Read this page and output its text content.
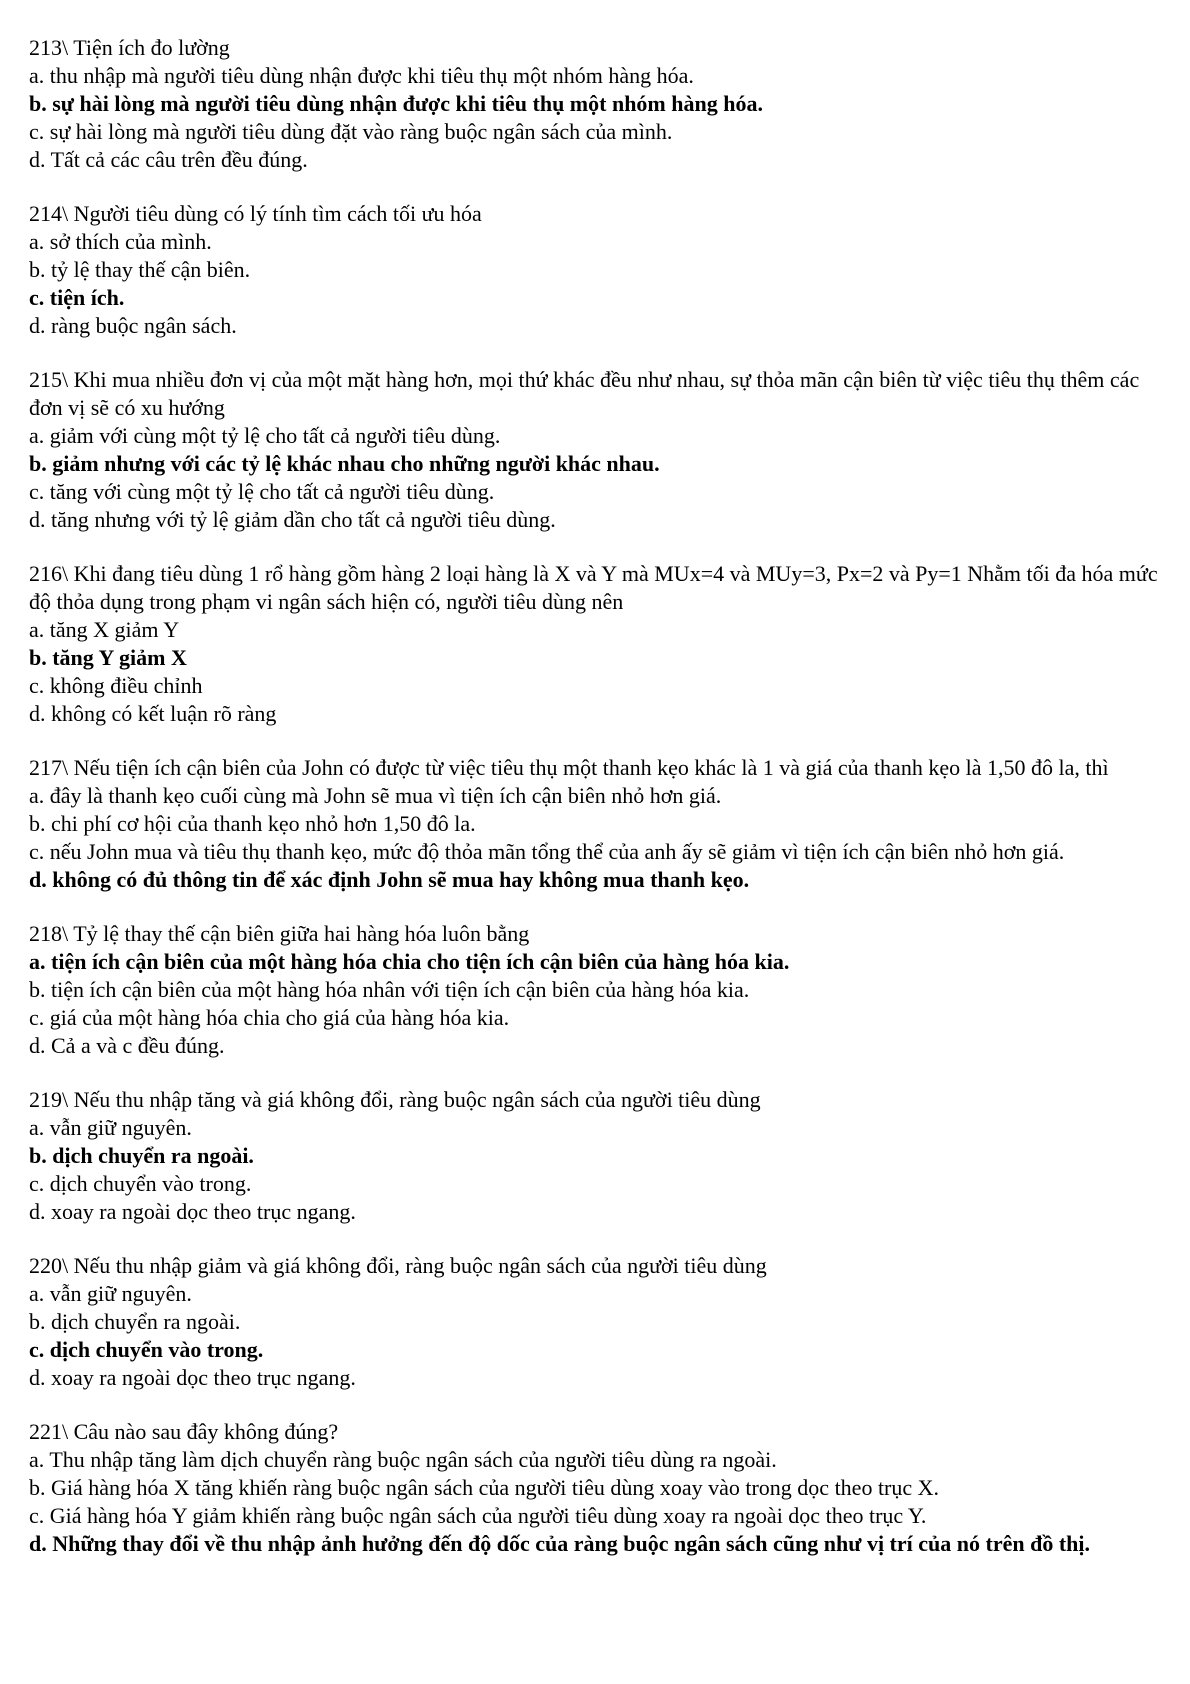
213\ Tiện ích đo lường

a. thu nhập mà người tiêu dùng nhận được khi tiêu thụ một nhóm hàng hóa.

b. sự hài lòng mà người tiêu dùng nhận được khi tiêu thụ một nhóm hàng hóa.

c. sự hài lòng mà người tiêu dùng đặt vào ràng buộc ngân sách của mình.

d. Tất cả các câu trên đều đúng.

214\ Người tiêu dùng có lý tính tìm cách tối ưu hóa

a. sở thích của mình.

b. tỷ lệ thay thế cận biên.

c. tiện ích.

d. ràng buộc ngân sách.

215\ Khi mua nhiều đơn vị của một mặt hàng hơn, mọi thứ khác đều như nhau, sự thỏa mãn cận biên từ việc tiêu thụ thêm các đơn vị sẽ có xu hướng

a. giảm với cùng một tỷ lệ cho tất cả người tiêu dùng.

b. giảm nhưng với các tỷ lệ khác nhau cho những người khác nhau.

c. tăng với cùng một tỷ lệ cho tất cả người tiêu dùng.

d. tăng nhưng với tỷ lệ giảm dần cho tất cả người tiêu dùng.

216\ Khi đang tiêu dùng 1 rổ hàng gồm hàng 2 loại hàng là X và Y mà MUx=4 và MUy=3, Px=2 và Py=1 Nhằm tối đa hóa mức độ thỏa dụng trong phạm vi ngân sách hiện có, người tiêu dùng nên

a. tăng X giảm Y

b. tăng Y giảm X

c. không điều chỉnh

d. không có kết luận rõ ràng

217\ Nếu tiện ích cận biên của John có được từ việc tiêu thụ một thanh kẹo khác là 1 và giá của thanh kẹo là 1,50 đô la, thì

a. đây là thanh kẹo cuối cùng mà John sẽ mua vì tiện ích cận biên nhỏ hơn giá.

b. chi phí cơ hội của thanh kẹo nhỏ hơn 1,50 đô la.

c. nếu John mua và tiêu thụ thanh kẹo, mức độ thỏa mãn tổng thể của anh ấy sẽ giảm vì tiện ích cận biên nhỏ hơn giá.

d. không có đủ thông tin để xác định John sẽ mua hay không mua thanh kẹo.

218\ Tỷ lệ thay thế cận biên giữa hai hàng hóa luôn bằng

a. tiện ích cận biên của một hàng hóa chia cho tiện ích cận biên của hàng hóa kia.

b. tiện ích cận biên của một hàng hóa nhân với tiện ích cận biên của hàng hóa kia.

c. giá của một hàng hóa chia cho giá của hàng hóa kia.

d. Cả a và c đều đúng.

219\ Nếu thu nhập tăng và giá không đổi, ràng buộc ngân sách của người tiêu dùng

a. vẫn giữ nguyên.

b. dịch chuyển ra ngoài.

c. dịch chuyển vào trong.

d. xoay ra ngoài dọc theo trục ngang.

220\ Nếu thu nhập giảm và giá không đổi, ràng buộc ngân sách của người tiêu dùng

a. vẫn giữ nguyên.

b. dịch chuyển ra ngoài.

c. dịch chuyển vào trong.

d. xoay ra ngoài dọc theo trục ngang.

221\ Câu nào sau đây không đúng?

a. Thu nhập tăng làm dịch chuyển ràng buộc ngân sách của người tiêu dùng ra ngoài.

b. Giá hàng hóa X tăng khiến ràng buộc ngân sách của người tiêu dùng xoay vào trong dọc theo trục X.

c. Giá hàng hóa Y giảm khiến ràng buộc ngân sách của người tiêu dùng xoay ra ngoài dọc theo trục Y.

d. Những thay đổi về thu nhập ảnh hưởng đến độ dốc của ràng buộc ngân sách cũng như vị trí của nó trên đồ thị.
